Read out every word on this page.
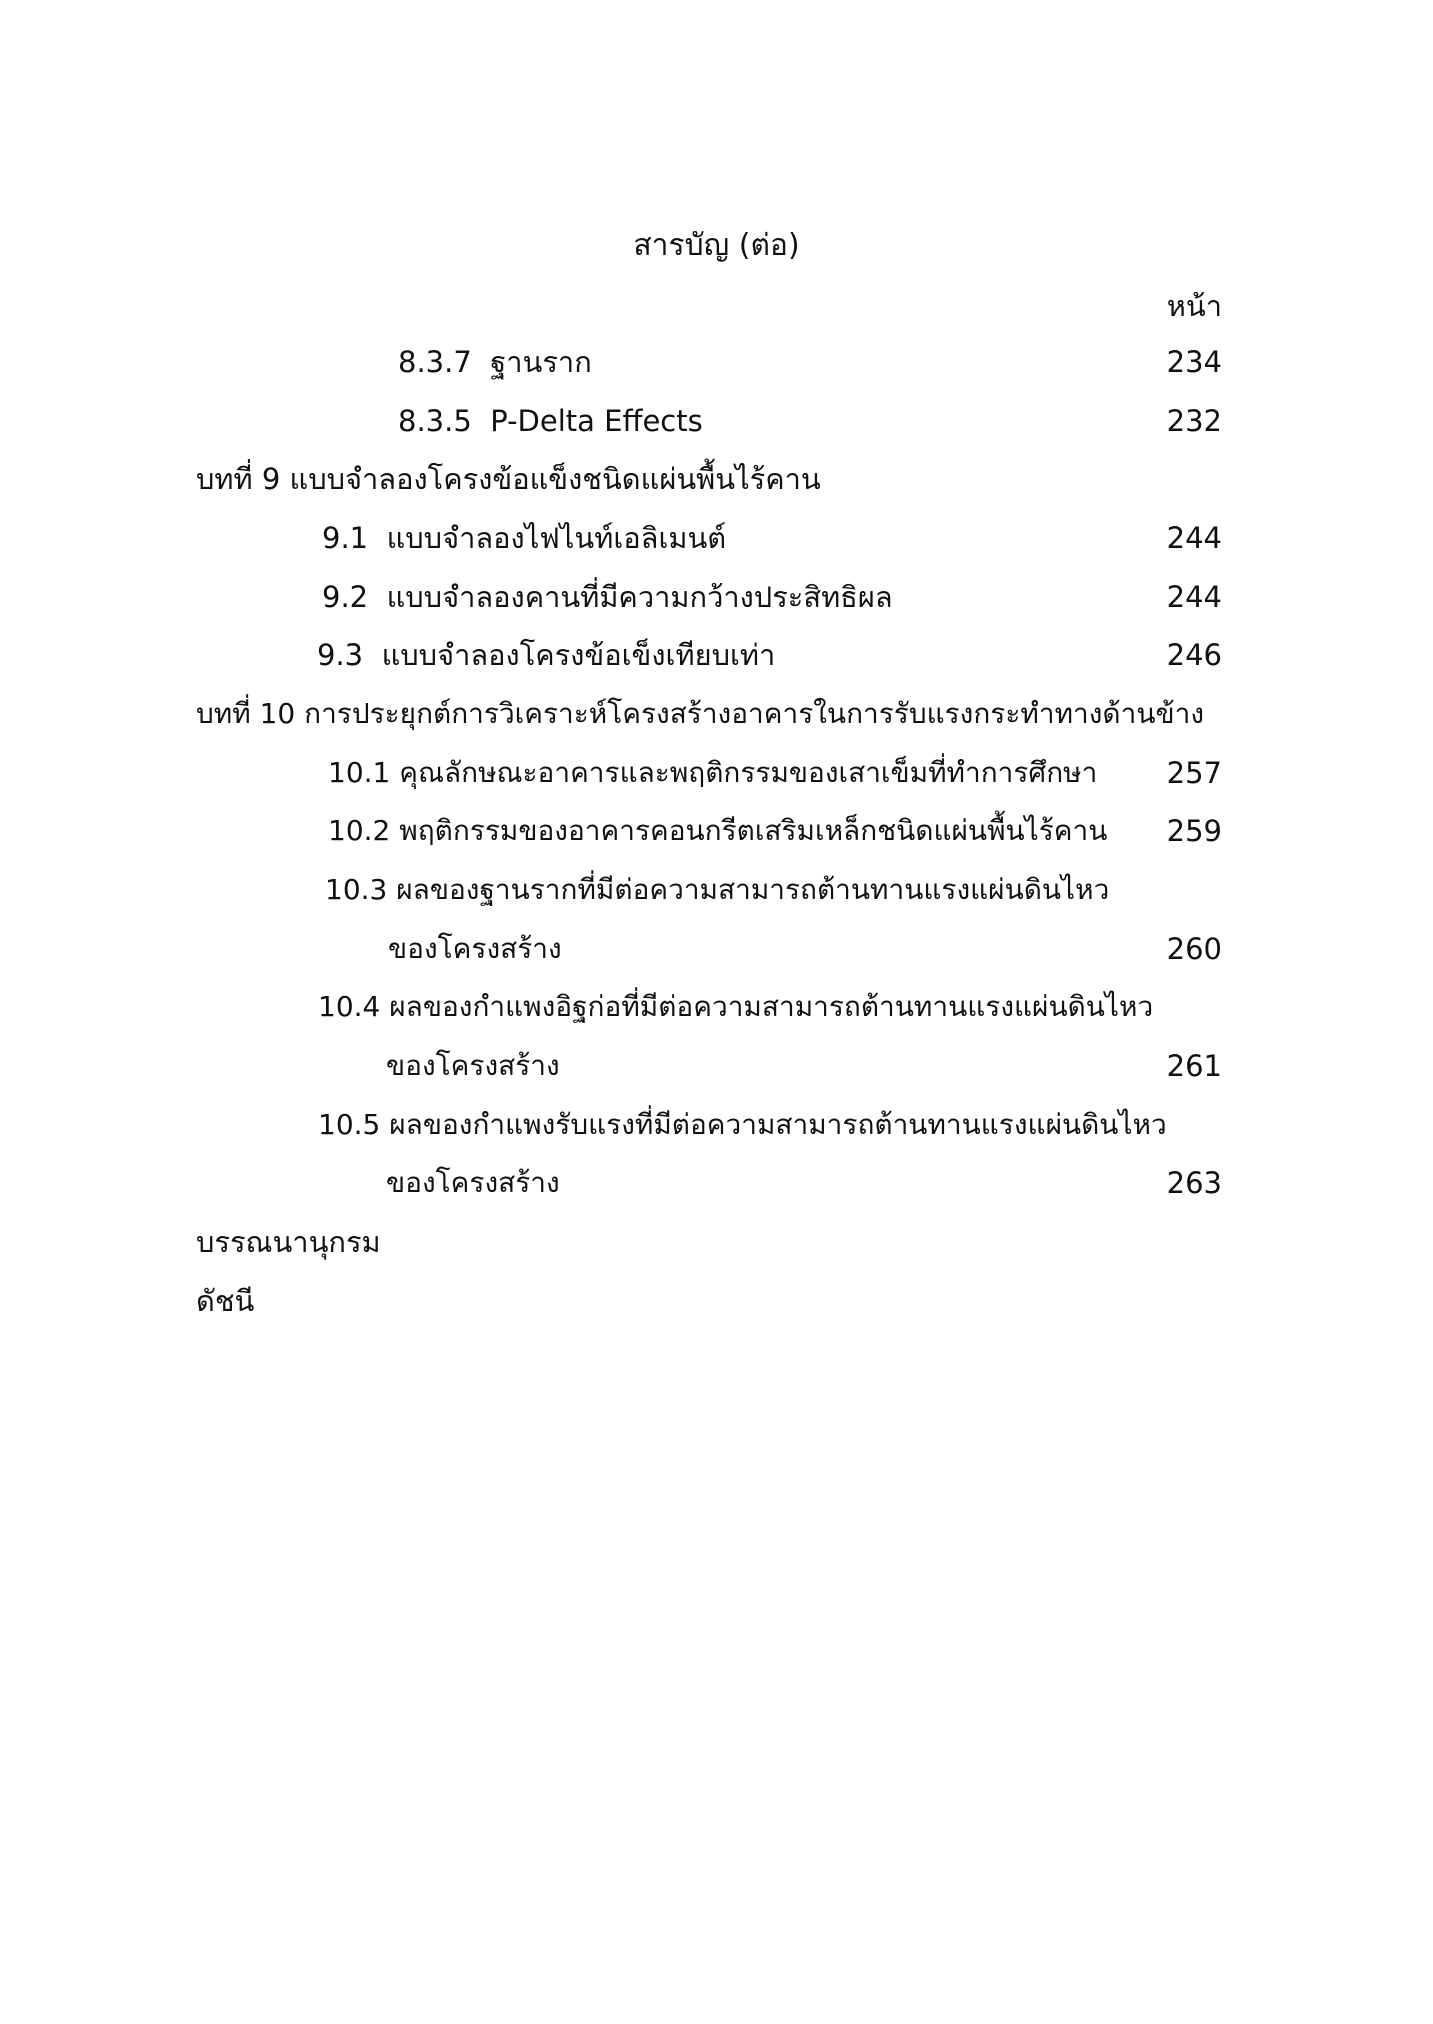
สารบัญ (ต่อ)
หน้า
8.3.7 ฐานราก	234
8.3.5 P-Delta Effects	232
บทที่ 9 แบบจำลองโครงข้อแข็งชนิดแผ่นพื้นไร้คาน
9.1 แบบจำลองไฟไนท์เอลิเมนต์	244
9.2 แบบจำลองคานที่มีความกว้างประสิทธิผล	244
9.3 แบบจำลองโครงข้อเข็งเทียบเท่า	246
บทที่ 10 การประยุกต์การวิเคราะห์โครงสร้างอาคารในการรับแรงกระทำทางด้านข้าง
10.1 คุณลักษณะอาคารและพฤติกรรมของเสาเข็มที่ทำการศึกษา	257
10.2 พฤติกรรมของอาคารคอนกรีตเสริมเหล็กชนิดแผ่นพื้นไร้คาน	259
10.3 ผลของฐานรากที่มีต่อความสามารถต้านทานแรงแผ่นดินไหว
ของโครงสร้าง	260
10.4 ผลของกำแพงอิฐก่อที่มีต่อความสามารถต้านทานแรงแผ่นดินไหว
ของโครงสร้าง	261
10.5 ผลของกำแพงรับแรงที่มีต่อความสามารถต้านทานแรงแผ่นดินไหว
ของโครงสร้าง	263
บรรณนานุกรม
ดัชนี
